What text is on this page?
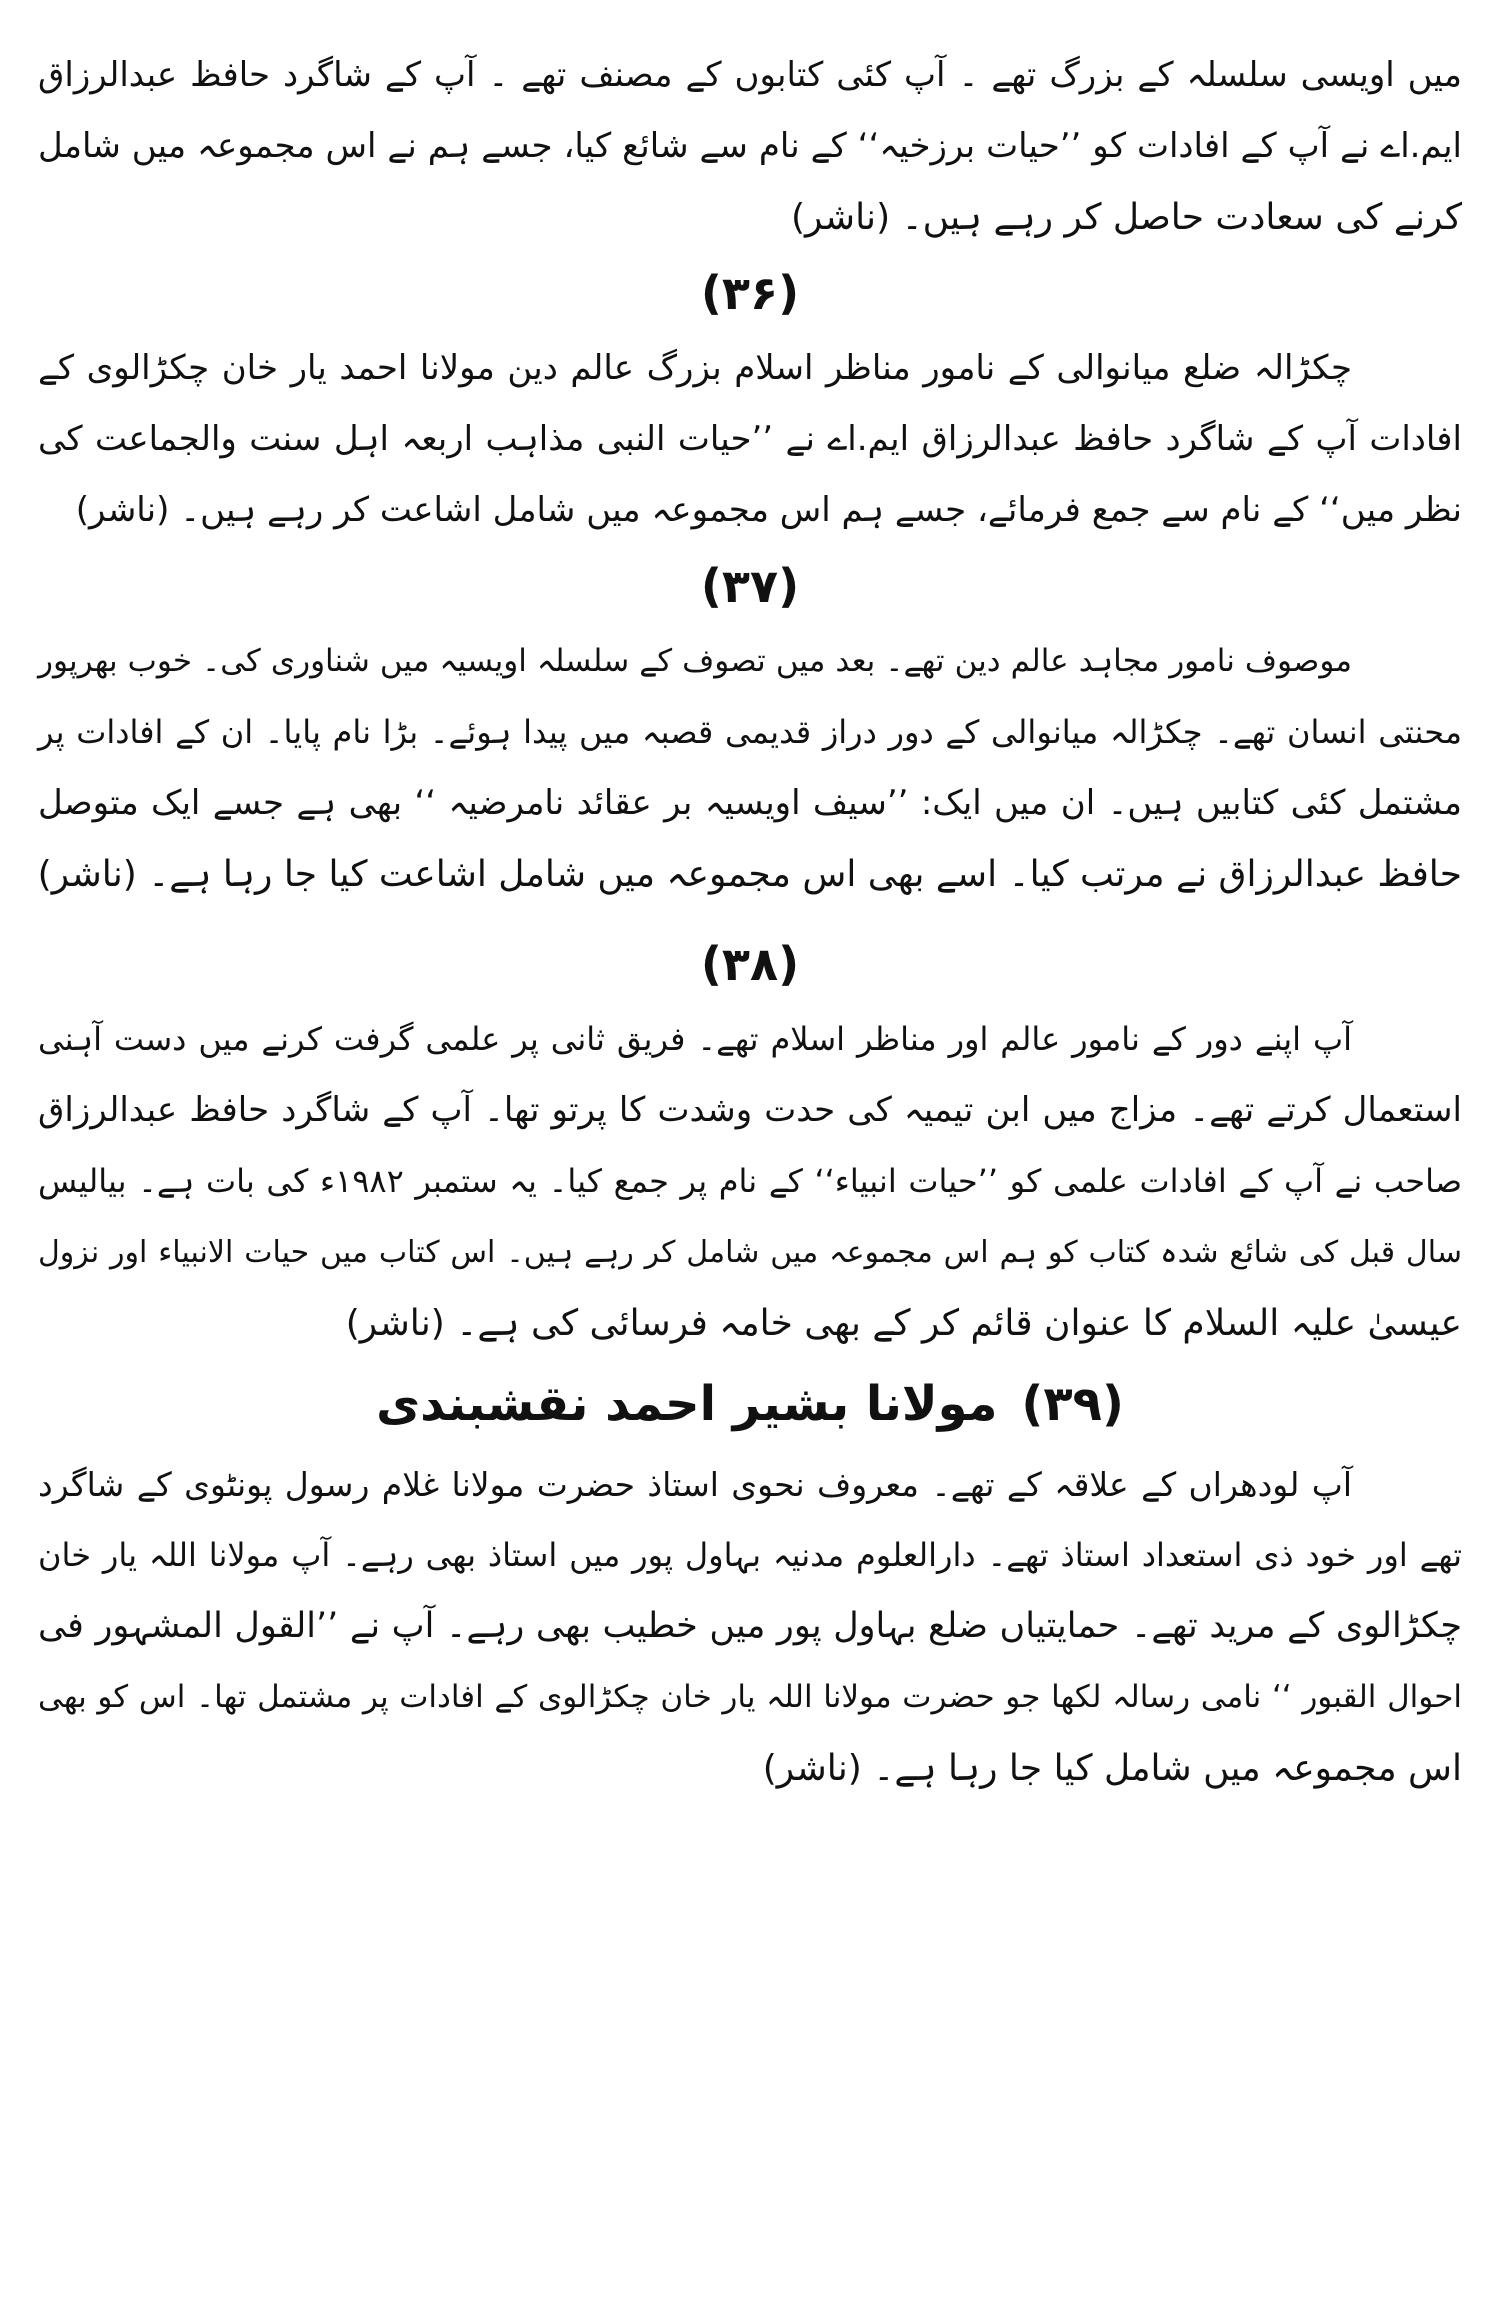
میں اویسی سلسلہ کے بزرگ تھے ۔ آپ کئی کتابوں کے مصنف تھے ۔ آپ کے شاگرد حافظ عبدالرزاق
ایم.اے نے آپ کے افادات کو ’’حیات برزخیہ‘‘ کے نام سے شائع کیا، جسے ہم نے اس مجموعہ میں شامل
کرنے کی سعادت حاصل کر رہے ہیں۔ (ناشر)

(۳۶)

چکڑالہ ضلع میانوالی کے نامور مناظر اسلام بزرگ عالم دین مولانا احمد یار خان چکڑالوی کے
افادات آپ کے شاگرد حافظ عبدالرزاق ایم.اے نے ’’حیات النبی مذاہب اربعہ اہل سنت والجماعت کی
نظر میں‘‘ کے نام سے جمع فرمائے، جسے ہم اس مجموعہ میں شامل اشاعت کر رہے ہیں۔ (ناشر)

(۳۷)

موصوف نامور مجاہد عالم دین تھے۔ بعد میں تصوف کے سلسلہ اویسیہ میں شناوری کی۔ خوب بھرپور
محنتی انسان تھے۔ چکڑالہ میانوالی کے دور دراز قدیمی قصبہ میں پیدا ہوئے۔ بڑا نام پایا۔ ان کے افادات پر
مشتمل کئی کتابیں ہیں۔ ان میں ایک: ’’سیف اویسیہ بر عقائد نامرضیہ ‘‘ بھی ہے جسے ایک متوصل
حافظ عبدالرزاق نے مرتب کیا۔ اسے بھی اس مجموعہ میں شامل اشاعت کیا جا رہا ہے۔ (ناشر)

(۳۸)

آپ اپنے دور کے نامور عالم اور مناظر اسلام تھے۔ فریق ثانی پر علمی گرفت کرنے میں دست آہنی
استعمال کرتے تھے۔ مزاج میں ابن تیمیہ کی حدت وشدت کا پرتو تھا۔ آپ کے شاگرد حافظ عبدالرزاق
صاحب نے آپ کے افادات علمی کو ’’حیات انبیاء‘‘ کے نام پر جمع کیا۔ یہ ستمبر ۱۹۸۲ء کی بات ہے۔ بیالیس
سال قبل کی شائع شدہ کتاب کو ہم اس مجموعہ میں شامل کر رہے ہیں۔ اس کتاب میں حیات الانبیاء اور نزول
عیسیٰ علیہ السلام کا عنوان قائم کر کے بھی خامہ فرسائی کی ہے۔ (ناشر)

(۳۹)مولانا بشیر احمد نقشبندی

آپ لودھراں کے علاقہ کے تھے۔ معروف نحوی استاذ حضرت مولانا غلام رسول پونٹوی کے شاگرد
تھے اور خود ذی استعداد استاذ تھے۔ دارالعلوم مدنیہ بہاول پور میں استاذ بھی رہے۔ آپ مولانا اللہ یار خان
چکڑالوی کے مرید تھے۔ حمایتیاں ضلع بہاول پور میں خطیب بھی رہے۔ آپ نے ’’القول المشہور فی
احوال القبور ‘‘ نامی رسالہ لکھا جو حضرت مولانا اللہ یار خان چکڑالوی کے افادات پر مشتمل تھا۔ اس کو بھی
اس مجموعہ میں شامل کیا جا رہا ہے۔ (ناشر)
